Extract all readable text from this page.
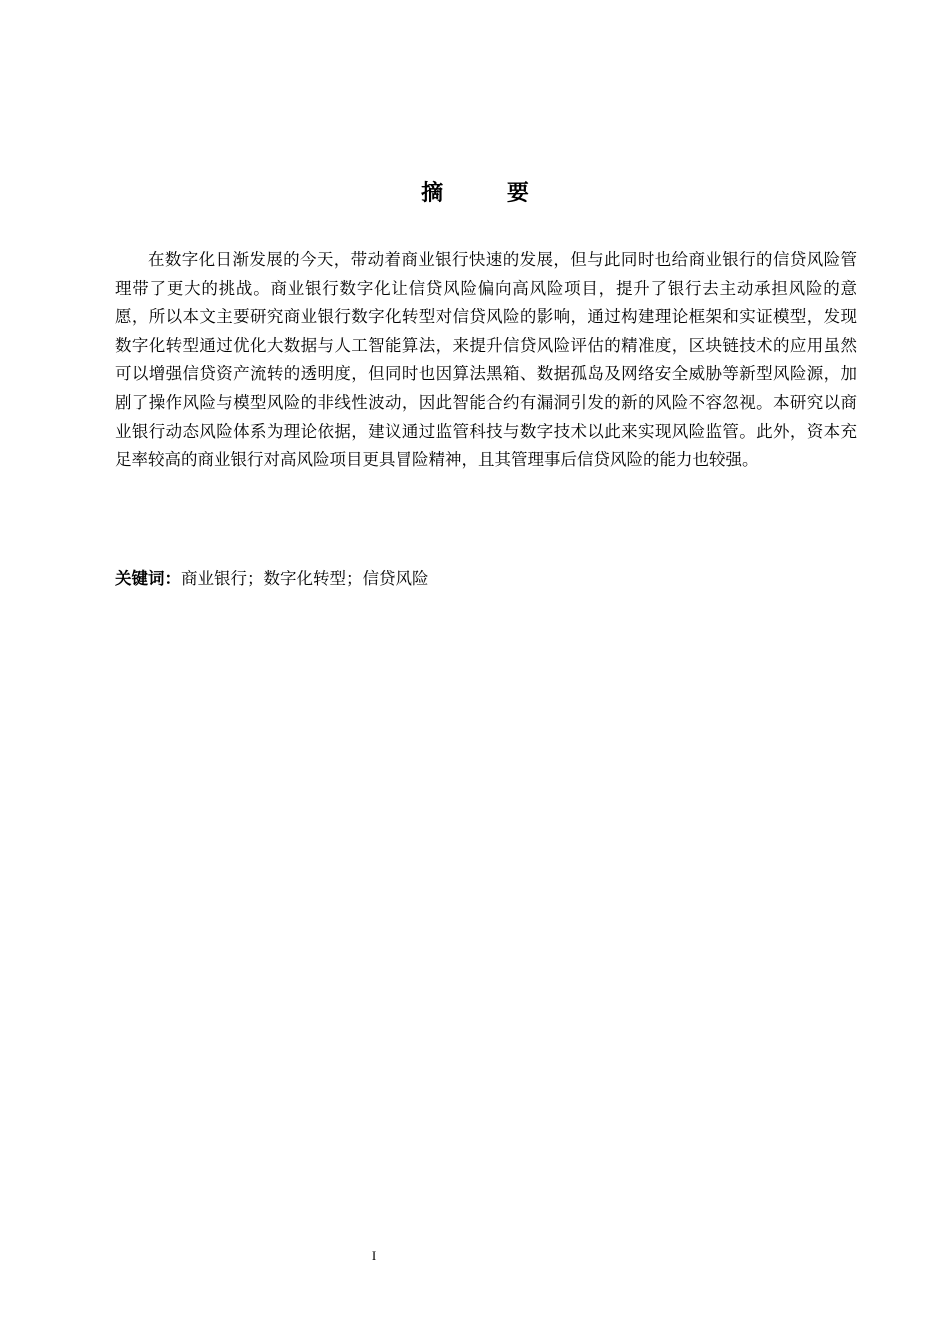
摘 要

在数字化日渐发展的今天，带动着商业银行快速的发展，但与此同时也给商业银行的信贷风险管理带了更大的挑战。商业银行数字化让信贷风险偏向高风险项目，提升了银行去主动承担风险的意愿，所以本文主要研究商业银行数字化转型对信贷风险的影响，通过构建理论框架和实证模型，发现数字化转型通过优化大数据与人工智能算法，来提升信贷风险评估的精准度，区块链技术的应用虽然可以增强信贷资产流转的透明度，但同时也因算法黑箱、数据孤岛及网络安全威胁等新型风险源，加剧了操作风险与模型风险的非线性波动，因此智能合约有漏洞引发的新的风险不容忽视。本研究以商业银行动态风险体系为理论依据，建议通过监管科技与数字技术以此来实现风险监管。此外，资本充足率较高的商业银行对高风险项目更具冒险精神，且其管理事后信贷风险的能力也较强。

关键词：商业银行；数字化转型；信贷风险
I
